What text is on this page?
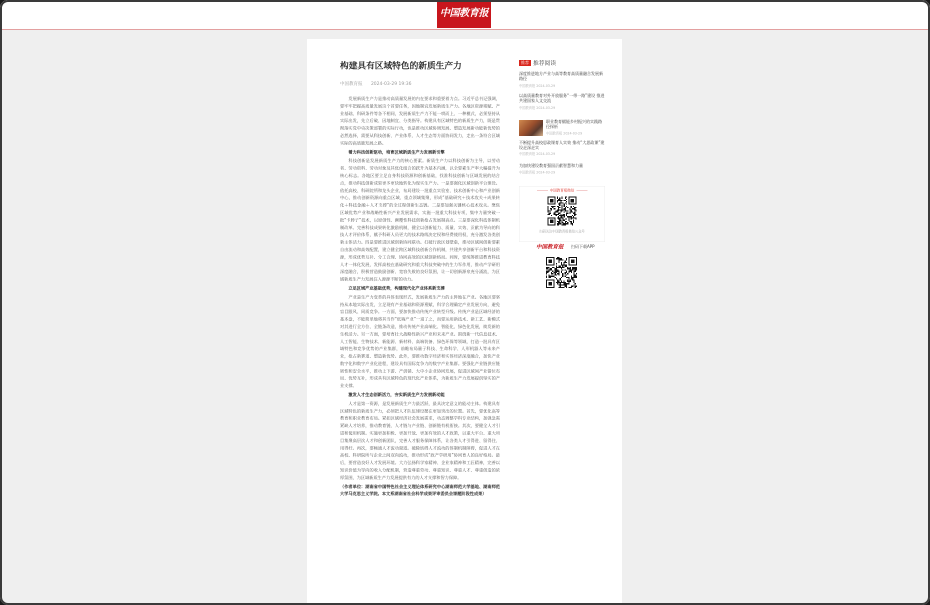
中国教育报
构建具有区域特色的新质生产力
中国教育报 2024-03-29 19:36

发展新质生产力是推动高质量发展的内在要求和重要着力点。习近平总书记强调，要牢牢把握高质量发展这个首要任务，因地制宜发展新质生产力。各地区资源禀赋、产业基础、科研条件等各不相同，发展新质生产力不能一哄而上、一种模式，必须坚持从实际出发，先立后破、因地制宜、分类指导。构建具有区域特色的新质生产力，既是贯彻落实党中央决策部署的实际行动，也是推动区域协调发展、塑造发展新动能新优势的必然选择，需要从科技创新、产业体系、人才生态等方面协同发力，走出一条符合区域实际的高质量发展之路。

着力科技创新驱动，培育区域新质生产力发展新引擎

科技创新是发展新质生产力的核心要素。新质生产力以科技创新为主导，以劳动者、劳动资料、劳动对象及其优化组合的跃升为基本内涵，以全要素生产率大幅提升为核心标志。各地区要立足自身科技资源和创新基础，找准科技创新与区域发展的结合点，推动科技创新成果更多更快地转化为现实生产力。一是要强化区域创新平台建设。依托高校、科研院所和龙头企业，布局建设一批重点实验室、技术创新中心和产业创新中心，推动创新资源向重点区域、重点领域集聚，形成“基础研究＋技术攻关＋成果转化＋科技金融＋人才支撑”的全过程创新生态链。二是要加强关键核心技术攻关。聚焦区域优势产业和战略性新兴产业发展需求，实施一批重大科技专项，集中力量突破一批“卡脖子”技术，以原创性、颠覆性科技创新抢占发展制高点。三是要深化科技体制机制改革。完善科技成果转化激励机制，健全以创新能力、质量、实效、贡献为导向的科技人才评价体系，赋予科研人员更大的技术路线决定权和经费使用权，充分激发各类创新主体活力。四是要推进区域创新协同联动。打破行政区划壁垒，推动区域间创新要素自由流动和高效配置，建立健全跨区域科技创新合作机制，共建共享创新平台和科技资源，形成优势互补、分工合理、协同高效的区域创新格局。同时，要统筹推进教育科技人才一体化发展，发挥高校在基础研究和重大科技突破中的生力军作用，推动产学研用深度融合，积极营造鼓励创新、宽容失败的良好氛围，让一切创新源泉充分涌流，为区域新质生产力发展注入源源不断的动力。

立足区域产业基础优势，构建现代化产业体系新支撑

产业是生产力变革的具体表现形式，发展新质生产力的主阵地在产业。各地区要坚持从本地实际出发，立足现有产业基础和资源禀赋，科学合理确定产业发展方向，避免盲目跟风、同质竞争。一方面，要加快推动传统产业转型升级。传统产业是区域经济的基本盘，不能简单地将其当作“低端产业”一退了之，而要运用新技术、新工艺、新模式对其进行全方位、全链条改造，推动传统产业高端化、智能化、绿色化发展，焕发新的生机活力。另一方面，要培育壮大战略性新兴产业和未来产业。围绕新一代信息技术、人工智能、生物技术、新能源、新材料、高端装备、绿色环保等领域，打造一批具有区域特色和竞争优势的产业集群，前瞻布局量子科技、生命科学、人形机器人等未来产业，抢占新赛道、塑造新优势。此外，要推动数字经济和实体经济深度融合，加快产业数字化和数字产业化进程，建设具有国际竞争力的数字产业集群。要强化产业链供应链韧性和安全水平，推动上下游、产供销、大中小企业协同发展，促进区域间产业错位布局、优势互补，形成具有区域特色的现代化产业体系，为新质生产力发展提供坚实的产业支撑。

激发人才生态创新活力，夯实新质生产力发展新动能

人才是第一资源，是发展新质生产力最活跃、最具决定意义的能动主体。构建具有区域特色的新质生产力，必须把人才队伍建设摆在更加突出的位置。首先，要优化高等教育和职业教育布局。紧扣区域经济社会发展需求，动态调整学科专业结构，加强急需紧缺人才培养，推动教育链、人才链与产业链、创新链有机衔接。其次，要健全人才引进和使用机制。实施更加积极、更加开放、更加有效的人才政策，以重大平台、重大项目集聚高层次人才和创新团队，完善人才服务保障体系，让各类人才引得进、留得住、用得好。再次，要畅通人才流动渠道。破除妨碍人才流动的体制机制障碍，促进人才在高校、科研院所与企业之间双向流动，推动形成“政产学研用”协同育人的良好格局。最后，要营造良好人才发展环境。大力弘扬科学家精神、企业家精神和工匠精神，完善以知识价值为导向的收入分配机制，营造尊重劳动、尊重知识、尊重人才、尊重创造的浓厚氛围，为区域新质生产力发展提供有力的人才支撑和智力保障。

（作者单位：湖南省中国特色社会主义理论体系研究中心湖南师范大学基地、湖南师范大学马克思主义学院。本文系湖南省社会科学成果评审委员会课题阶段性成果）

推荐 推荐阅读
深度推进地方产业与高等教育高质量融合发展新路径
中国教育报 2024-03-29
以高质量教育对外开放服务“一带一路”建设 推进共建国家人文交流
中国教育报 2024-03-29
职业教育赋能乡村振兴的实践路径探析
中国教育报 2024-03-29
不断提升高校思政课育人实效 推动“大思政课”建设走深走实
中国教育报 2024-03-29
为加快建设教育强国贡献智慧和力量
中国教育报 2024-03-29
中国教育报微信
扫码关注中国教育报微信公众号
中国教育报 扫码下载APP
